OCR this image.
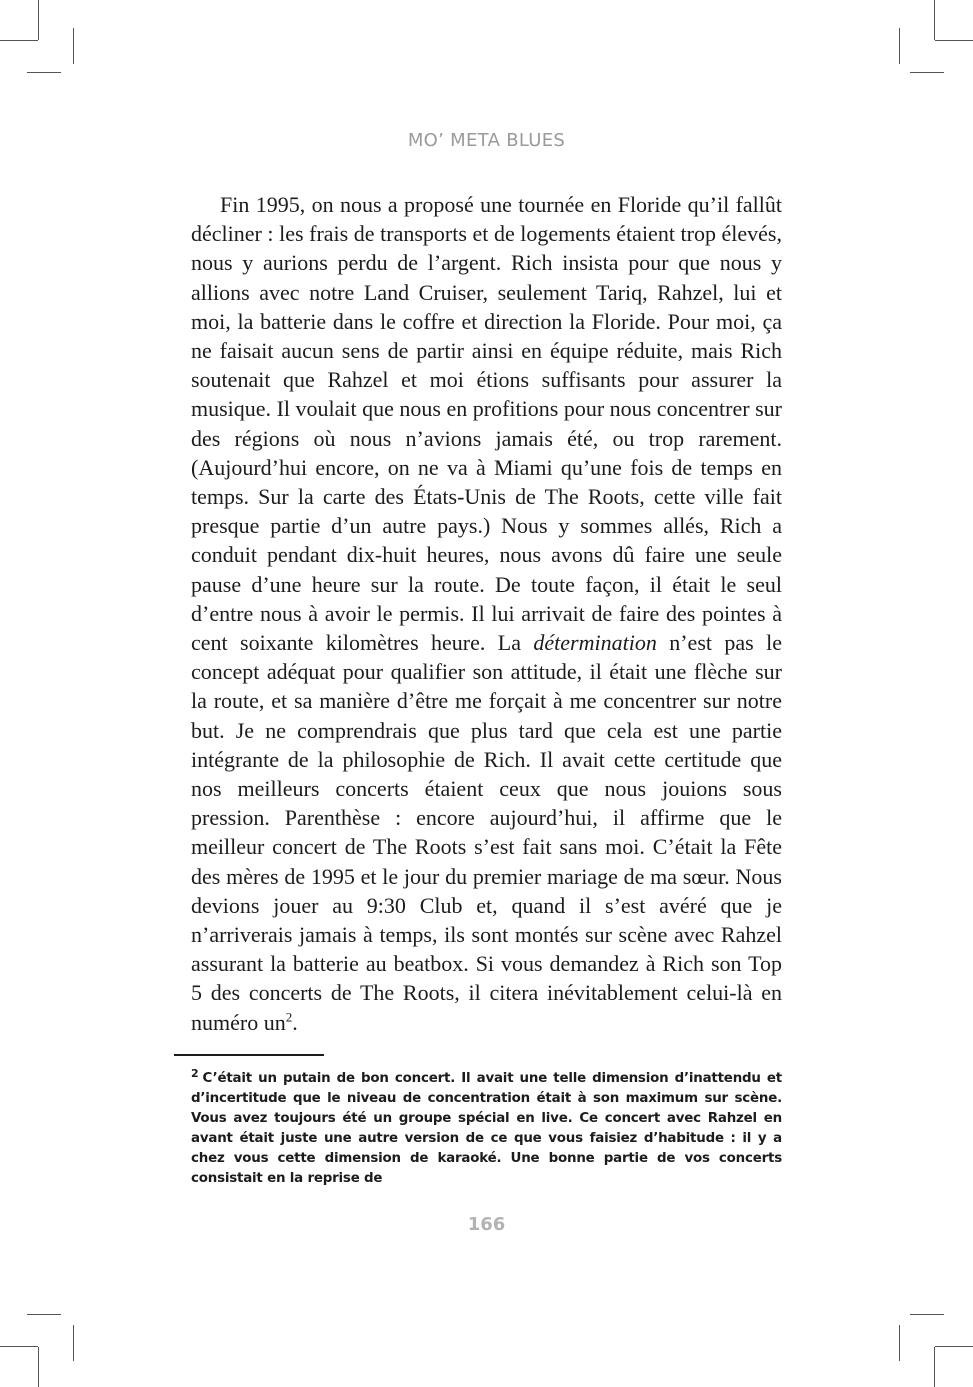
MO’ META BLUES

Fin 1995, on nous a proposé une tournée en Floride qu’il fallût décliner : les frais de transports et de logements étaient trop élevés, nous y aurions perdu de l’argent. Rich insista pour que nous y allions avec notre Land Cruiser, seulement Tariq, Rahzel, lui et moi, la batterie dans le coffre et direction la Floride. Pour moi, ça ne faisait aucun sens de partir ainsi en équipe réduite, mais Rich soutenait que Rahzel et moi étions suffisants pour assurer la musique. Il voulait que nous en profitions pour nous concentrer sur des régions où nous n’avions jamais été, ou trop rarement. (Aujourd’hui encore, on ne va à Miami qu’une fois de temps en temps. Sur la carte des États-Unis de The Roots, cette ville fait presque partie d’un autre pays.) Nous y sommes allés, Rich a conduit pendant dix-huit heures, nous avons dû faire une seule pause d’une heure sur la route. De toute façon, il était le seul d’entre nous à avoir le permis. Il lui arrivait de faire des pointes à cent soixante kilomètres heure. La détermination n’est pas le concept adéquat pour qualifier son attitude, il était une flèche sur la route, et sa manière d’être me forçait à me concentrer sur notre but. Je ne comprendrais que plus tard que cela est une partie intégrante de la philosophie de Rich. Il avait cette certitude que nos meilleurs concerts étaient ceux que nous jouions sous pression. Parenthèse : encore aujourd’hui, il affirme que le meilleur concert de The Roots s’est fait sans moi. C’était la Fête des mères de 1995 et le jour du premier mariage de ma sœur. Nous devions jouer au 9:30 Club et, quand il s’est avéré que je n’arriverais jamais à temps, ils sont montés sur scène avec Rahzel assurant la batterie au beatbox. Si vous demandez à Rich son Top 5 des concerts de The Roots, il citera inévitablement celui-là en numéro $un^2$.

$^2$ C’était un putain de bon concert. Il avait une telle dimension d’inattendu et d’incertitude que le niveau de concentration était à son maximum sur scène. Vous avez toujours été un groupe spécial en live. Ce concert avec Rahzel en avant était juste une autre version de ce que vous faisiez d’habitude : il y a chez vous cette dimension de karaoké. Une bonne partie de vos concerts consistait en la reprise de

166
